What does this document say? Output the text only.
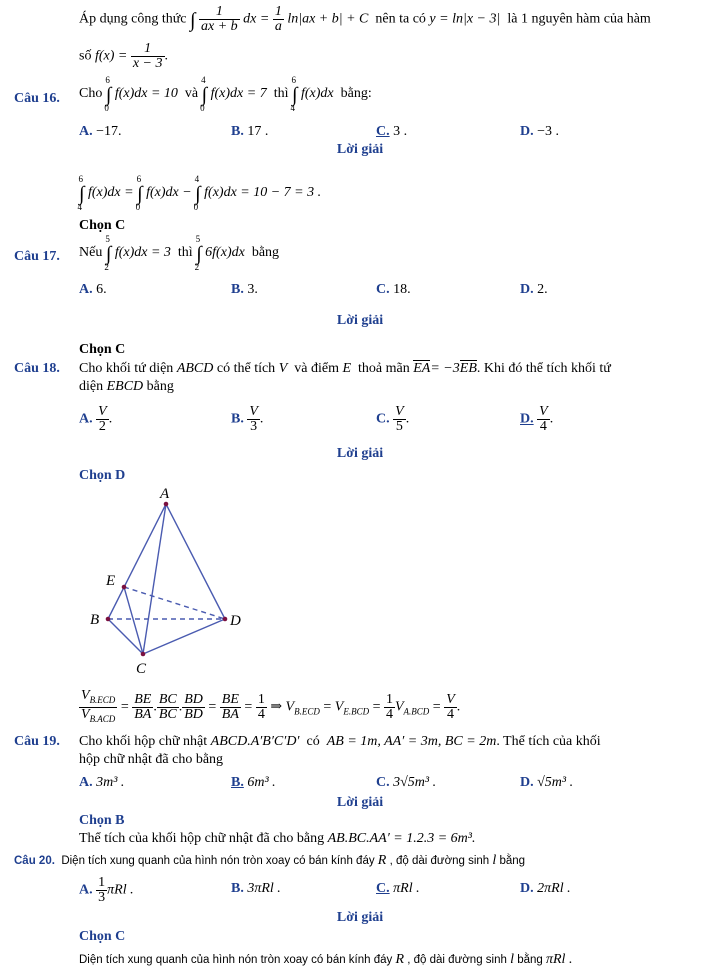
Áp dụng công thức ∫ $\frac{1}{ax + b}$ dx = $\frac{1}{a} \ln|ax + b| + C$ nên ta có y = ln|x − 3| là 1 nguyên hàm của hàm
số $f(x) = \frac{1}{x - 3}$ .
Câu 16. Cho ∫
6
0
f(x)dx = 10 và ∫
4
0
f(x)dx = 7 thì ∫
6
4
f(x)dx bằng:
A. −17.	B. 17 .	C. 3 .	D. −3 .
Lời giải
∫
6
4
f(x)dx = ∫
6
0
f(x)dx − ∫
4
0
f(x)dx = 10 − 7 = 3 .
Chọn C
Câu 17. Nếu ∫
5
2
f(x)dx = 3 thì ∫
5
2
6f(x)dx bằng
A. 6.	B. 3.	C. 18.	D. 2.
Lời giải
Chọn C
Câu 18. Cho khối tứ diện ABCD có thể tích V và điểm E thoả mãn EA= −3EB. Khi đó thể tích khối tứ
diện EBCD bằng
A. $\frac{V}{2}$ .	B. $\frac{V}{3}$ .	C. $\frac{V}{5}$ .	D. $\frac{V}{4}$ .
Lời giải
Chọn D
A
B
C
D
E
$\frac{V_{B.ECD}}{V_{B.ACD}} = \frac{BE}{BA}$ . $\frac{BC}{BC}$ . $\frac{BD}{BD} = \frac{BE}{BA} = \frac{1}{4}$ ⇒ $V_{B.ECD} = V_{E.BCD} = \frac{1}{4} V_{A.BCD} = \frac{V}{4}$ .
Câu 19. Cho khối hộp chữ nhật ABCD.A′B′C′D′ có AB = 1m, AA′ = 3m, BC = 2m. Thể tích của khối
hộp chữ nhật đã cho bằng
A. 3m³ .	B. 6m³ .	C. 3√5m³ .	D. √5m³ .
Lời giải
Chọn B
Thể tích của khối hộp chữ nhật đã cho bằng AB.BC.AA′ = 1.2.3 = 6m³.
Câu 20. Diện tích xung quanh của hình nón tròn xoay có bán kính đáy R , độ dài đường sinh l bằng
A. $\frac{1}{3}$ πRl .	B. 3πRl .	C. πRl .	D. 2πRl .
Lời giải
Chọn C
Diện tích xung quanh của hình nón tròn xoay có bán kính đáy R , độ dài đường sinh l bằng πRl .
